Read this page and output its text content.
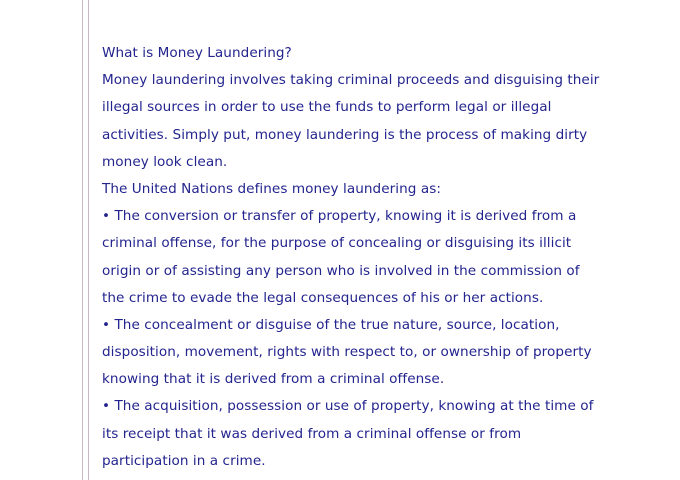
What is Money Laundering?
Money laundering involves taking criminal proceeds and disguising their
illegal sources in order to use the funds to perform legal or illegal
activities. Simply put, money laundering is the process of making dirty
money look clean.
The United Nations defines money laundering as:
• The conversion or transfer of property, knowing it is derived from a
criminal offense, for the purpose of concealing or disguising its illicit
origin or of assisting any person who is involved in the commission of
the crime to evade the legal consequences of his or her actions.
• The concealment or disguise of the true nature, source, location,
disposition, movement, rights with respect to, or ownership of property
knowing that it is derived from a criminal offense.
• The acquisition, possession or use of property, knowing at the time of
its receipt that it was derived from a criminal offense or from
participation in a crime.
